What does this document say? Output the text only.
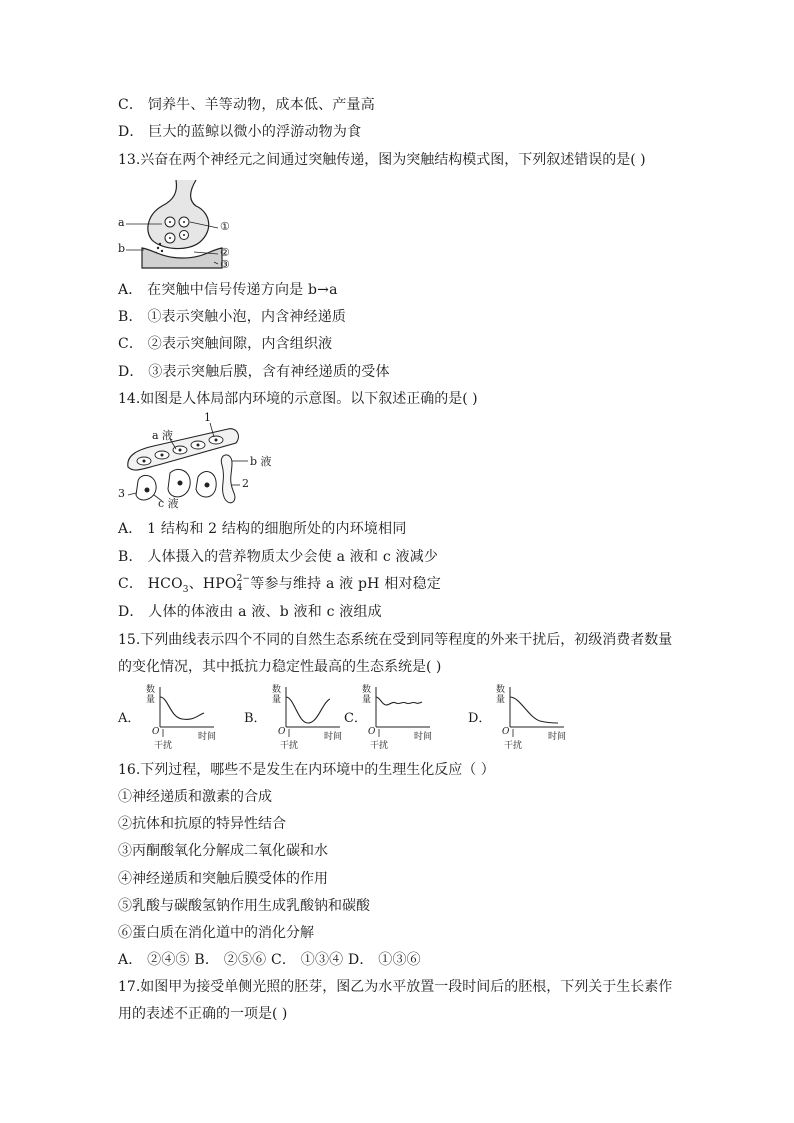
C． 饲养牛、羊等动物，成本低、产量高
D． 巨大的蓝鲸以微小的浮游动物为食
13.兴奋在两个神经元之间通过突触传递，图为突触结构模式图，下列叙述错误的是( )
a
b
①
②
③
A． 在突触中信号传递方向是 b→a
B． ①表示突触小泡，内含神经递质
C． ②表示突触间隙，内含组织液
D． ③表示突触后膜，含有神经递质的受体
14.如图是人体局部内环境的示意图。以下叙述正确的是( )
1
a 液
b 液
2
3
c 液
A． 1 结构和 2 结构的细胞所处的内环境相同
B． 人体摄入的营养物质太少会使 a 液和 c 液减少
C． $HCO_3$、HPO 2−
4 等参与维持 a 液 pH 相对稳定
D． 人体的体液由 a 液、b 液和 c 液组成
15.下列曲线表示四个不同的自然生态系统在受到同等程度的外来干扰后，初级消费者数量
的变化情况，其中抵抗力稳定性最高的生态系统是( )
A．
数
量
O
干扰
时间
B．
数
量
O
干扰
时间
C．
数
量
O
干扰
时间
D．
数
量
O
干扰
时间
16.下列过程，哪些不是发生在内环境中的生理生化反应（ ）
①神经递质和激素的合成
②抗体和抗原的特异性结合
③丙酮酸氧化分解成二氧化碳和水
④神经递质和突触后膜受体的作用
⑤乳酸与碳酸氢钠作用生成乳酸钠和碳酸
⑥蛋白质在消化道中的消化分解
A． ②④⑤ B． ②⑤⑥ C． ①③④ D． ①③⑥
17.如图甲为接受单侧光照的胚芽，图乙为水平放置一段时间后的胚根，下列关于生长素作
用的表述不正确的一项是( )
